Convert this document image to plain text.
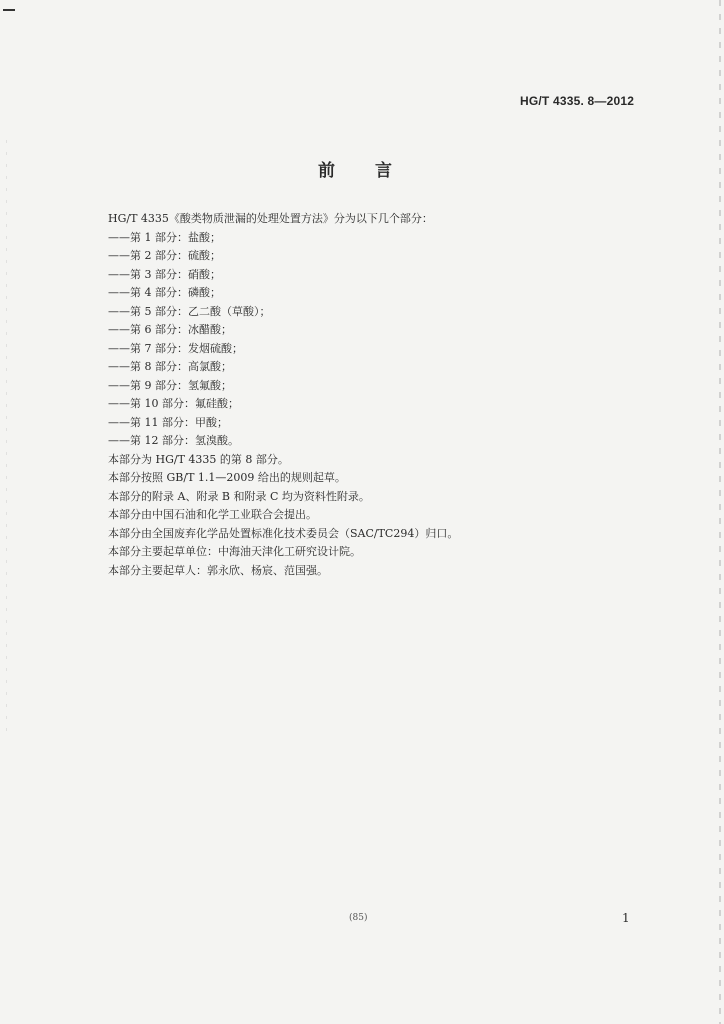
HG/T 4335. 8—2012
前言
HG/T 4335《酸类物质泄漏的处理处置方法》分为以下几个部分：
——第 1 部分：盐酸；
——第 2 部分：硫酸；
——第 3 部分：硝酸；
——第 4 部分：磷酸；
——第 5 部分：乙二酸（草酸）；
——第 6 部分：冰醋酸；
——第 7 部分：发烟硫酸；
——第 8 部分：高氯酸；
——第 9 部分：氢氟酸；
——第 10 部分：氟硅酸；
——第 11 部分：甲酸；
——第 12 部分：氢溴酸。
本部分为 HG/T 4335 的第 8 部分。
本部分按照 GB/T 1.1—2009 给出的规则起草。
本部分的附录 A、附录 B 和附录 C 均为资料性附录。
本部分由中国石油和化学工业联合会提出。
本部分由全国废弃化学品处置标准化技术委员会（SAC/TC294）归口。
本部分主要起草单位：中海油天津化工研究设计院。
本部分主要起草人：郭永欣、杨宸、范国强。
(85)	1
